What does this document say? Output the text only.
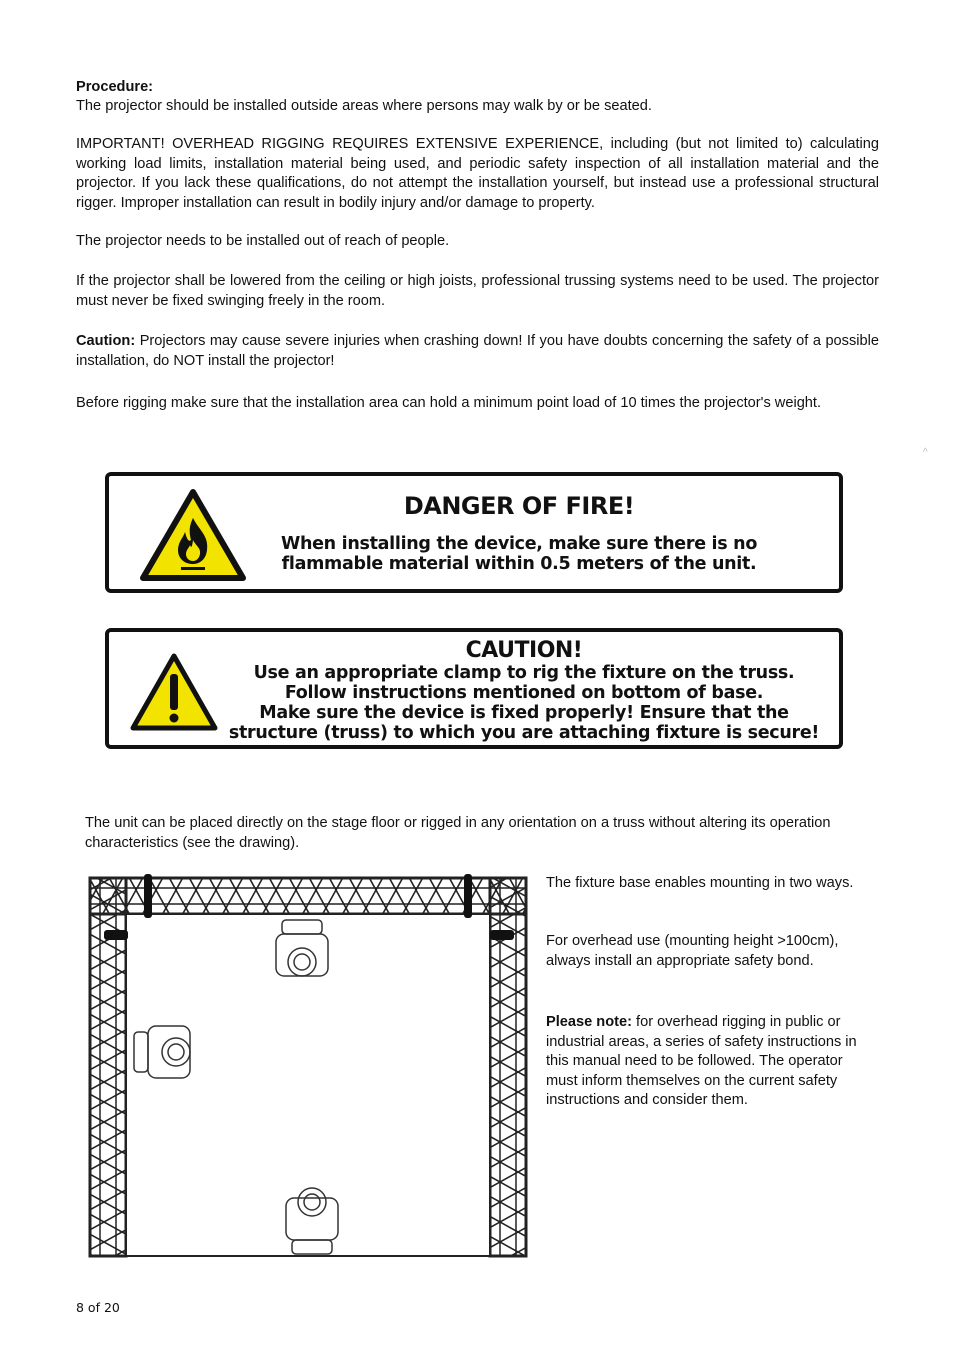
Procedure:

The projector should be installed outside areas where persons may walk by or be seated.

IMPORTANT! OVERHEAD RIGGING REQUIRES EXTENSIVE EXPERIENCE, including (but not limited to) calculating working load limits, installation material being used, and periodic safety inspection of all installation material and the projector. If you lack these qualifications, do not attempt the installation yourself, but instead use a professional structural rigger. Improper installation can result in bodily injury and/or damage to property.

The projector needs to be installed out of reach of people.

If the projector shall be lowered from the ceiling or high joists, professional trussing systems need to be used. The projector must never be fixed swinging freely in the room.

Caution: Projectors may cause severe injuries when crashing down! If you have doubts concerning the safety of a possible installation, do NOT install the projector!

Before rigging make sure that the installation area can hold a minimum point load of 10 times the projector's weight.

^
DANGER OF FIRE!
When installing the device, make sure there is no
flammable material within 0.5 meters of the unit.
CAUTION!
Use an appropriate clamp to rig the fixture on the truss.
Follow instructions mentioned on bottom of base.
Make sure the device is fixed properly! Ensure that the
structure (truss) to which you are attaching fixture is secure!

The unit can be placed directly on the stage floor or rigged in any orientation on a truss without altering its operation characteristics (see the drawing).

The fixture base enables mounting in two ways.

For overhead use (mounting height >100cm), always install an appropriate safety bond.

Please note: for overhead rigging in public or industrial areas, a series of safety instructions in this manual need to be followed. The operator must inform themselves on the current safety instructions and consider them.

8 of 20
